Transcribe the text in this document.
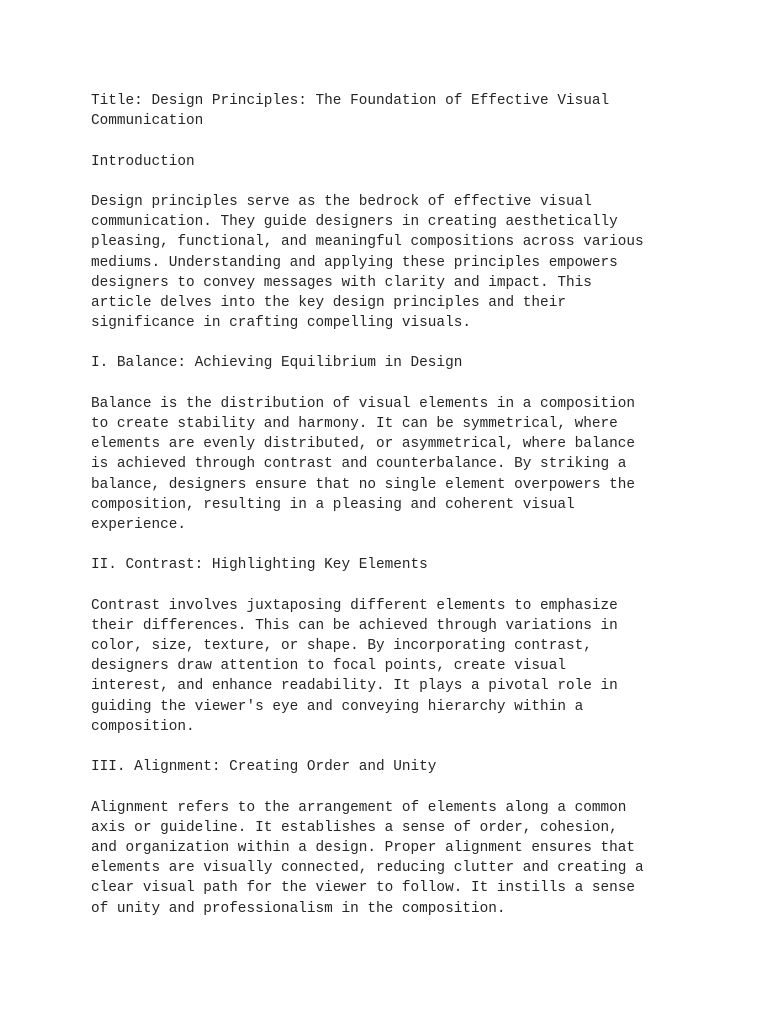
Title: Design Principles: The Foundation of Effective Visual
Communication
Introduction
Design principles serve as the bedrock of effective visual
communication. They guide designers in creating aesthetically
pleasing, functional, and meaningful compositions across various
mediums. Understanding and applying these principles empowers
designers to convey messages with clarity and impact. This
article delves into the key design principles and their
significance in crafting compelling visuals.
I. Balance: Achieving Equilibrium in Design
Balance is the distribution of visual elements in a composition
to create stability and harmony. It can be symmetrical, where
elements are evenly distributed, or asymmetrical, where balance
is achieved through contrast and counterbalance. By striking a
balance, designers ensure that no single element overpowers the
composition, resulting in a pleasing and coherent visual
experience.
II. Contrast: Highlighting Key Elements
Contrast involves juxtaposing different elements to emphasize
their differences. This can be achieved through variations in
color, size, texture, or shape. By incorporating contrast,
designers draw attention to focal points, create visual
interest, and enhance readability. It plays a pivotal role in
guiding the viewer's eye and conveying hierarchy within a
composition.
III. Alignment: Creating Order and Unity
Alignment refers to the arrangement of elements along a common
axis or guideline. It establishes a sense of order, cohesion,
and organization within a design. Proper alignment ensures that
elements are visually connected, reducing clutter and creating a
clear visual path for the viewer to follow. It instills a sense
of unity and professionalism in the composition.
